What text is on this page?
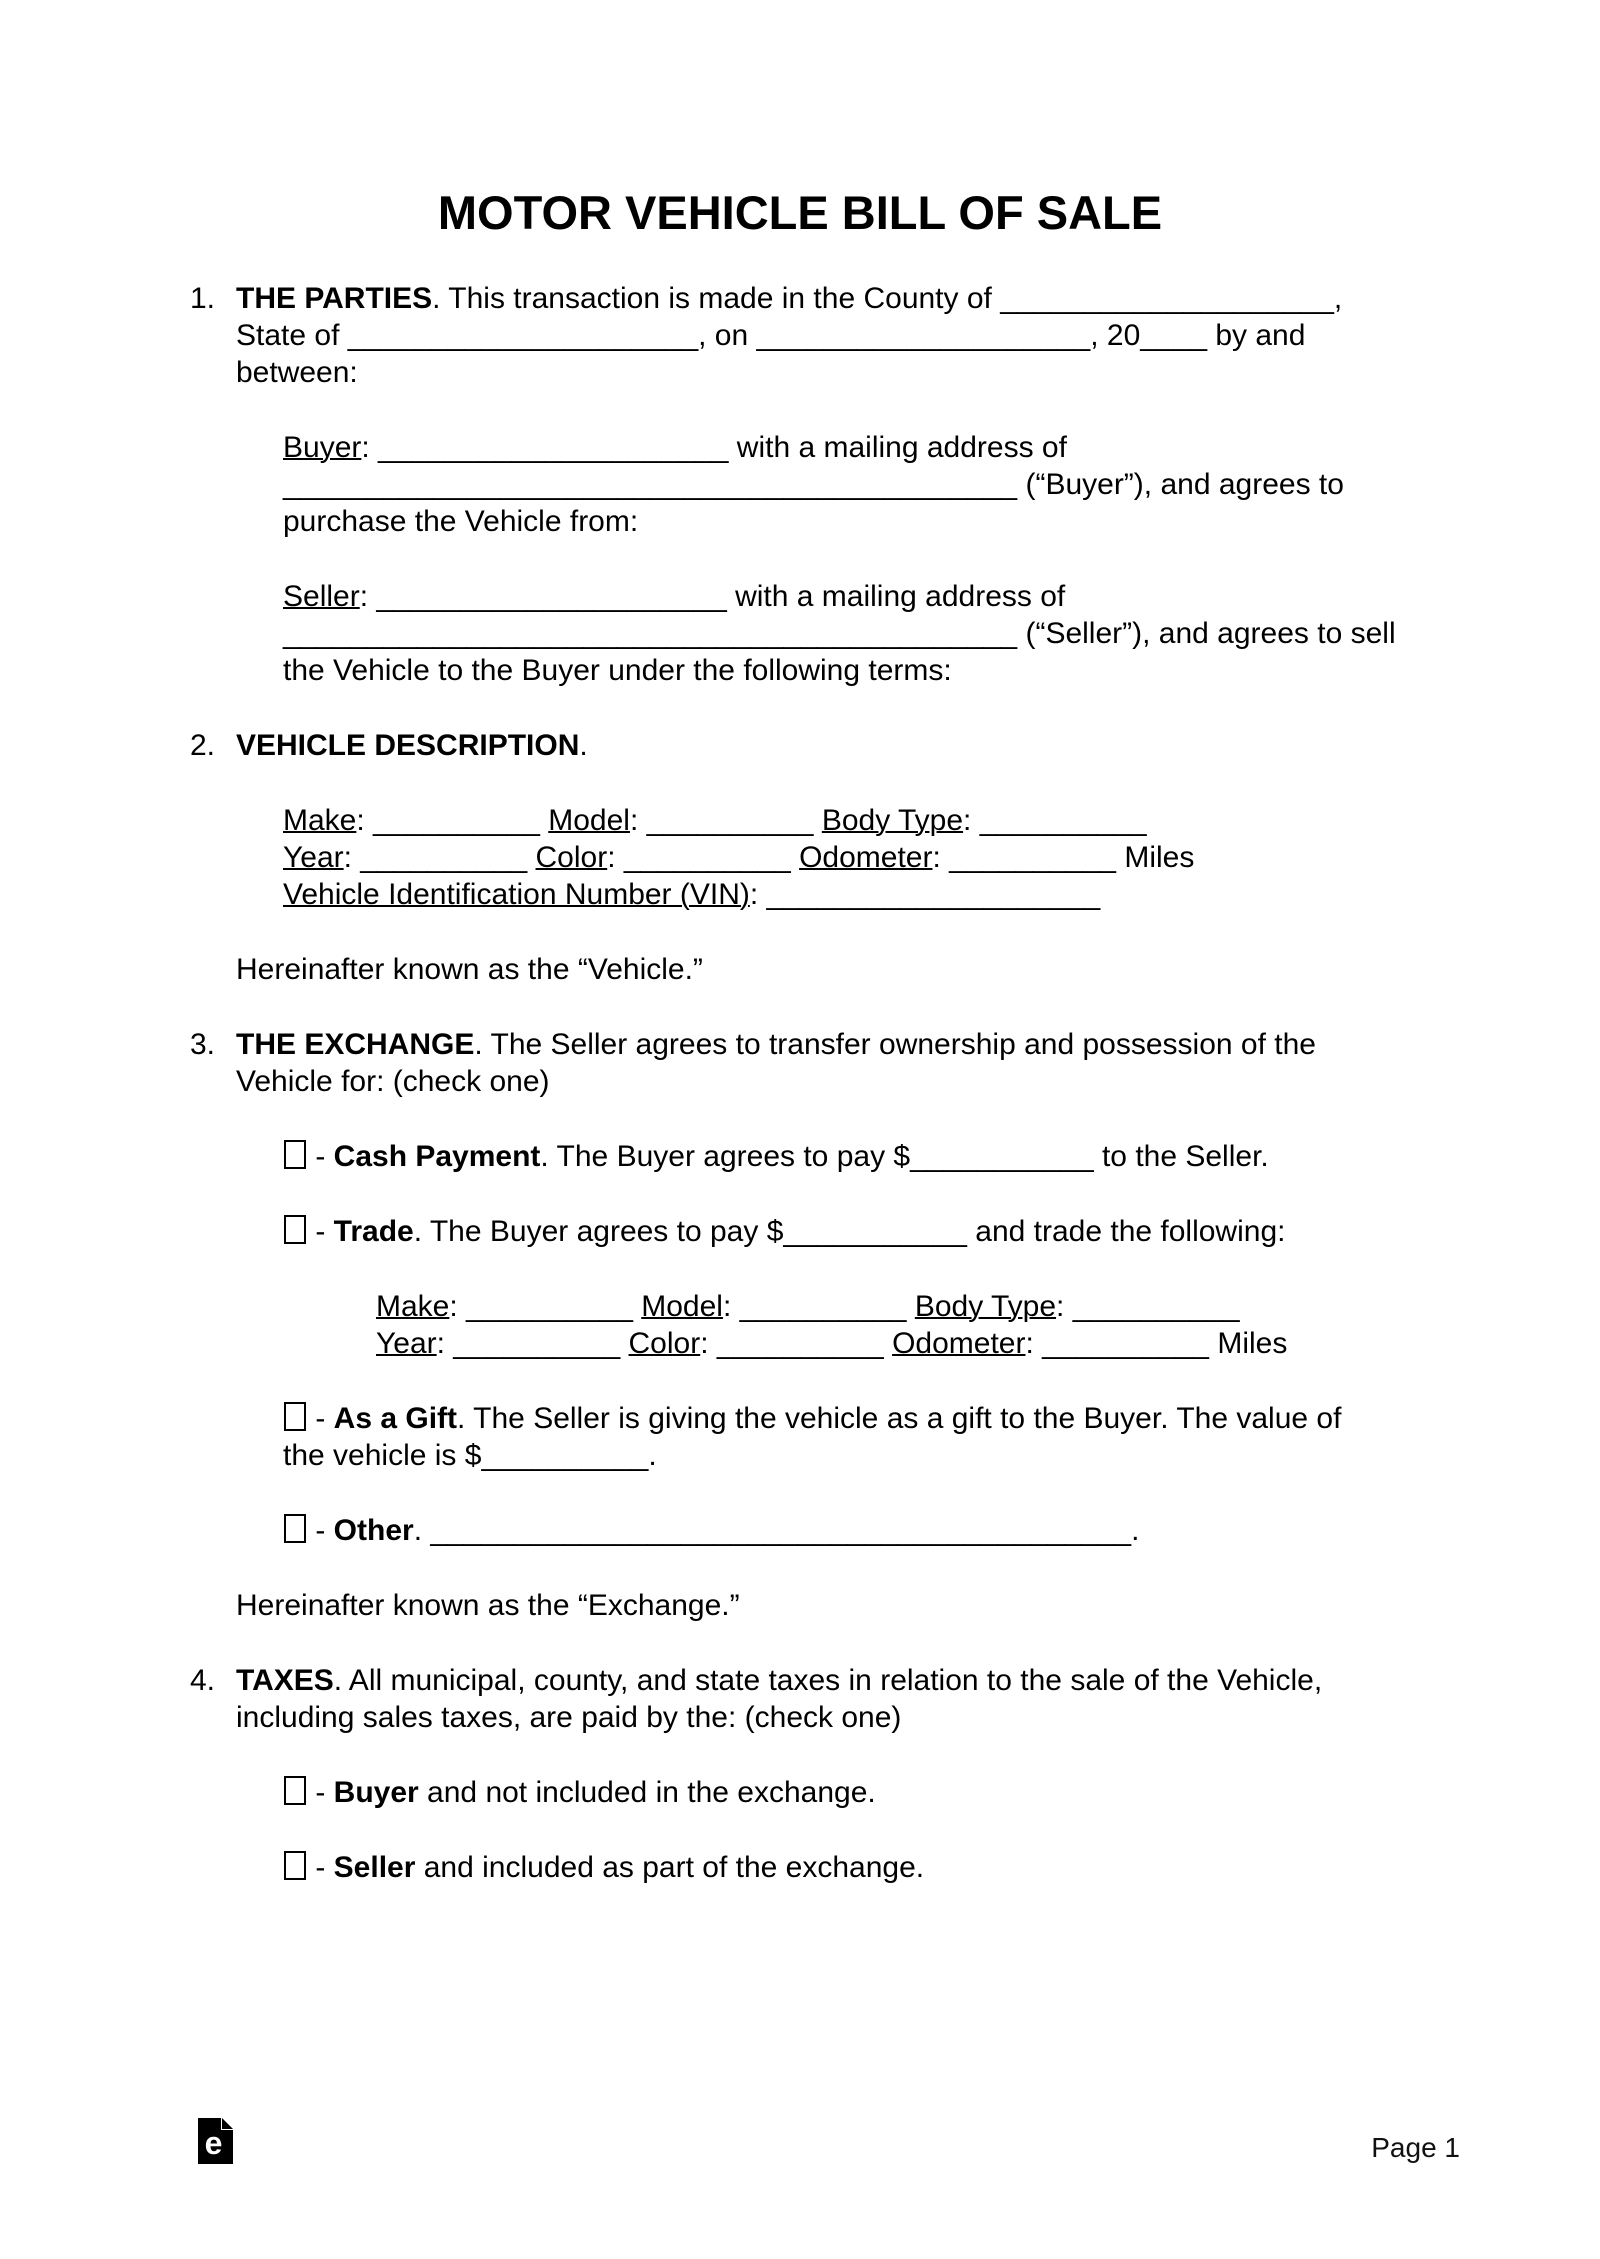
MOTOR VEHICLE BILL OF SALE
1. THE PARTIES. This transaction is made in the County of ____________________,
State of _____________________, on ____________________, 20____ by and
between:
Buyer: _____________________ with a mailing address of
____________________________________________ (“Buyer”), and agrees to
purchase the Vehicle from:
Seller: _____________________ with a mailing address of
____________________________________________ (“Seller”), and agrees to sell
the Vehicle to the Buyer under the following terms:
2. VEHICLE DESCRIPTION.
Make: __________ Model: __________ Body Type: __________
Year: __________ Color: __________ Odometer: __________ Miles
Vehicle Identification Number (VIN): ____________________
Hereinafter known as the “Vehicle.”
3. THE EXCHANGE. The Seller agrees to transfer ownership and possession of the
Vehicle for: (check one)
- Cash Payment. The Buyer agrees to pay $___________ to the Seller.
- Trade. The Buyer agrees to pay $___________ and trade the following:
Make: __________ Model: __________ Body Type: __________
Year: __________ Color: __________ Odometer: __________ Miles
- As a Gift. The Seller is giving the vehicle as a gift to the Buyer. The value of
the vehicle is $__________.
- Other. __________________________________________.
Hereinafter known as the “Exchange.”
4. TAXES. All municipal, county, and state taxes in relation to the sale of the Vehicle,
including sales taxes, are paid by the: (check one)
- Buyer and not included in the exchange.
- Seller and included as part of the exchange.
e	Page 1
